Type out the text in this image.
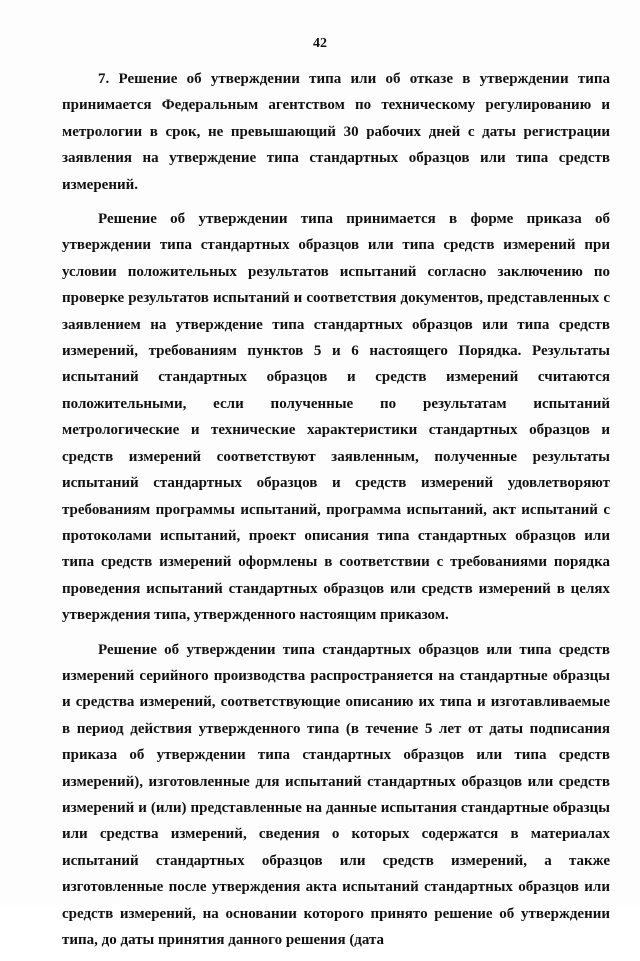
42

7. Решение об утверждении типа или об отказе в утверждении типа принимается Федеральным агентством по техническому регулированию и метрологии в срок, не превышающий 30 рабочих дней с даты регистрации заявления на утверждение типа стандартных образцов или типа средств измерений.

Решение об утверждении типа принимается в форме приказа об утверждении типа стандартных образцов или типа средств измерений при условии положительных результатов испытаний согласно заключению по проверке результатов испытаний и соответствия документов, представленных с заявлением на утверждение типа стандартных образцов или типа средств измерений, требованиям пунктов 5 и 6 настоящего Порядка. Результаты испытаний стандартных образцов и средств измерений считаются положительными, если полученные по результатам испытаний метрологические и технические характеристики стандартных образцов и средств измерений соответствуют заявленным, полученные результаты испытаний стандартных образцов и средств измерений удовлетворяют требованиям программы испытаний, программа испытаний, акт испытаний с протоколами испытаний, проект описания типа стандартных образцов или типа средств измерений оформлены в соответствии с требованиями порядка проведения испытаний стандартных образцов или средств измерений в целях утверждения типа, утвержденного настоящим приказом.

Решение об утверждении типа стандартных образцов или типа средств измерений серийного производства распространяется на стандартные образцы и средства измерений, соответствующие описанию их типа и изготавливаемые в период действия утвержденного типа (в течение 5 лет от даты подписания приказа об утверждении типа стандартных образцов или типа средств измерений), изготовленные для испытаний стандартных образцов или средств измерений и (или) представленные на данные испытания стандартные образцы или средства измерений, сведения о которых содержатся в материалах испытаний стандартных образцов или средств измерений, а также изготовленные после утверждения акта испытаний стандартных образцов или средств измерений, на основании которого принято решение об утверждении типа, до даты принятия данного решения (дата
